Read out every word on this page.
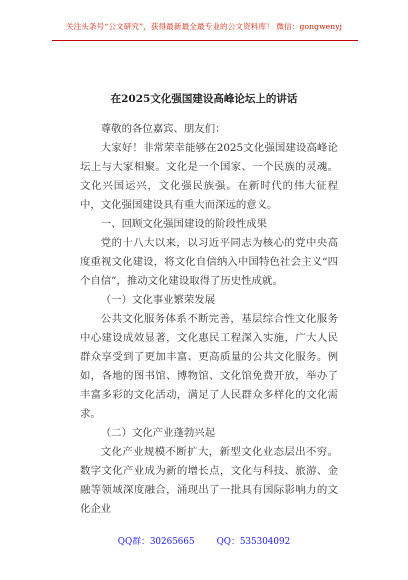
关注头条号“公文研究”，获得最新最全最专业的公文资料库！ 微信：gongwenyj
在2025文化强国建设高峰论坛上的讲话

尊敬的各位嘉宾、朋友们：

大家好！非常荣幸能够在2025文化强国建设高峰论坛上与大家相聚。文化是一个国家、一个民族的灵魂。文化兴国运兴，文化强民族强。在新时代的伟大征程中，文化强国建设具有重大而深远的意义。

一、回顾文化强国建设的阶段性成果

党的十八大以来，以习近平同志为核心的党中央高度重视文化建设，将文化自信纳入中国特色社会主义“四个自信”，推动文化建设取得了历史性成就。

（一）文化事业繁荣发展

公共文化服务体系不断完善，基层综合性文化服务中心建设成效显著，文化惠民工程深入实施，广大人民群众享受到了更加丰富、更高质量的公共文化服务。例如，各地的图书馆、博物馆、文化馆免费开放，举办了丰富多彩的文化活动，满足了人民群众多样化的文化需求。

（二）文化产业蓬勃兴起

文化产业规模不断扩大，新型文化业态层出不穷。数字文化产业成为新的增长点，文化与科技、旅游、金融等领域深度融合，涌现出了一批具有国际影响力的文化企业

QQ群：30265665	QQ：535304092
